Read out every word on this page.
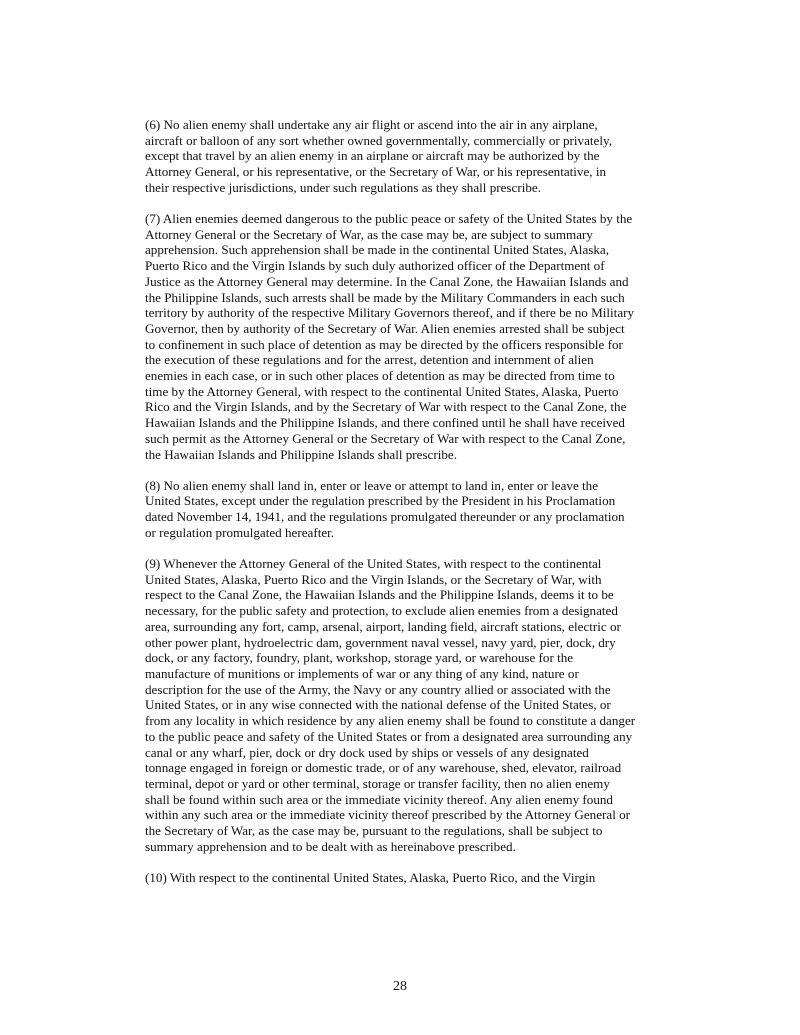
(6) No alien enemy shall undertake any air flight or ascend into the air in any airplane,
aircraft or balloon of any sort whether owned governmentally, commercially or privately,
except that travel by an alien enemy in an airplane or aircraft may be authorized by the
Attorney General, or his representative, or the Secretary of War, or his representative, in
their respective jurisdictions, under such regulations as they shall prescribe.

(7) Alien enemies deemed dangerous to the public peace or safety of the United States by the
Attorney General or the Secretary of War, as the case may be, are subject to summary
apprehension. Such apprehension shall be made in the continental United States, Alaska,
Puerto Rico and the Virgin Islands by such duly authorized officer of the Department of
Justice as the Attorney General may determine. In the Canal Zone, the Hawaiian Islands and
the Philippine Islands, such arrests shall be made by the Military Commanders in each such
territory by authority of the respective Military Governors thereof, and if there be no Military
Governor, then by authority of the Secretary of War. Alien enemies arrested shall be subject
to confinement in such place of detention as may be directed by the officers responsible for
the execution of these regulations and for the arrest, detention and internment of alien
enemies in each case, or in such other places of detention as may be directed from time to
time by the Attorney General, with respect to the continental United States, Alaska, Puerto
Rico and the Virgin Islands, and by the Secretary of War with respect to the Canal Zone, the
Hawaiian Islands and the Philippine Islands, and there confined until he shall have received
such permit as the Attorney General or the Secretary of War with respect to the Canal Zone,
the Hawaiian Islands and Philippine Islands shall prescribe.

(8) No alien enemy shall land in, enter or leave or attempt to land in, enter or leave the
United States, except under the regulation prescribed by the President in his Proclamation
dated November 14, 1941, and the regulations promulgated thereunder or any proclamation
or regulation promulgated hereafter.

(9) Whenever the Attorney General of the United States, with respect to the continental
United States, Alaska, Puerto Rico and the Virgin Islands, or the Secretary of War, with
respect to the Canal Zone, the Hawaiian Islands and the Philippine Islands, deems it to be
necessary, for the public safety and protection, to exclude alien enemies from a designated
area, surrounding any fort, camp, arsenal, airport, landing field, aircraft stations, electric or
other power plant, hydroelectric dam, government naval vessel, navy yard, pier, dock, dry
dock, or any factory, foundry, plant, workshop, storage yard, or warehouse for the
manufacture of munitions or implements of war or any thing of any kind, nature or
description for the use of the Army, the Navy or any country allied or associated with the
United States, or in any wise connected with the national defense of the United States, or
from any locality in which residence by any alien enemy shall be found to constitute a danger
to the public peace and safety of the United States or from a designated area surrounding any
canal or any wharf, pier, dock or dry dock used by ships or vessels of any designated
tonnage engaged in foreign or domestic trade, or of any warehouse, shed, elevator, railroad
terminal, depot or yard or other terminal, storage or transfer facility, then no alien enemy
shall be found within such area or the immediate vicinity thereof. Any alien enemy found
within any such area or the immediate vicinity thereof prescribed by the Attorney General or
the Secretary of War, as the case may be, pursuant to the regulations, shall be subject to
summary apprehension and to be dealt with as hereinabove prescribed.

(10) With respect to the continental United States, Alaska, Puerto Rico, and the Virgin

28
